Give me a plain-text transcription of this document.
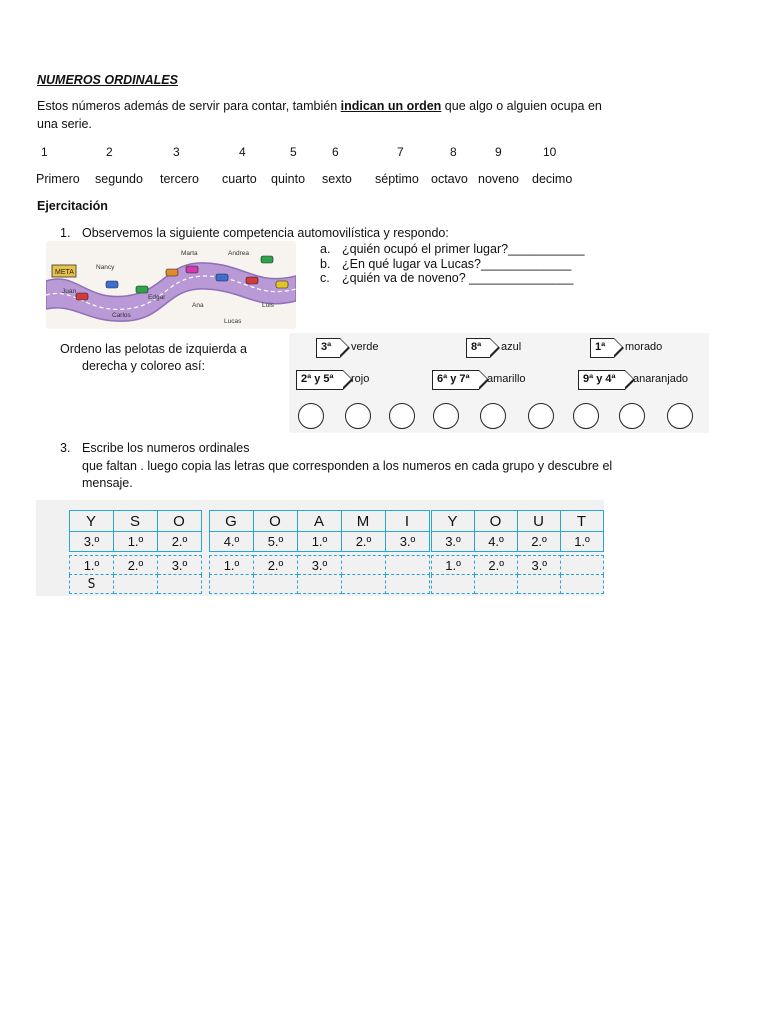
NUMEROS ORDINALES
Estos números además de servir para contar, también indican un orden que algo o alguien ocupa en
una serie.
1	2	3	4	5	6	7	8	9	10
Primero segundo tercero cuarto quinto sexto séptimo octavo noveno decimo
Ejercitación
1. Observemos la siguiente competencia automovilística y respondo:
a. ¿quién ocupó el primer lugar?___________
b. ¿En qué lugar va Lucas?_____________
c. ¿quién va de noveno? _______________
META
Nancy
Marta	Andrea
Juan
Edgar
Carlos
Ana	Luis
Lucas
Ordeno las pelotas de izquierda a
derecha y coloreo así:
3ª	verde	8ª	azul	1ª	morado
2ª y 5ª	rojo	6ª y 7ª	amarillo	9ª y 4ª	anaranjado
3. Escribe los numeros ordinales
que faltan . luego copia las letras que corresponden a los numeros en cada grupo y descubre el
mensaje.
Y	S	O
3.º	1.º	2.º
1.º	2.º	3.º
S		
G	O	A	M	I
4.º	5.º	1.º	2.º	3.º
1.º	2.º	3.º		

Y	O	U	T
3.º	4.º	2.º	1.º
1.º	2.º	3.º	
